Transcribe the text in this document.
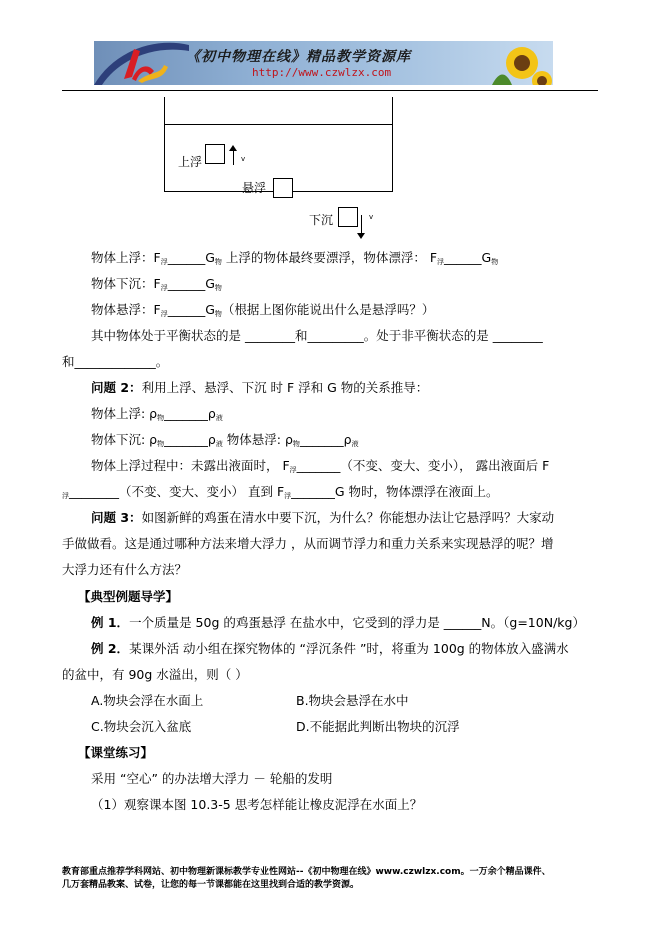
《初中物理在线》精品教学资源库
http://www.czwlzx.com
上浮	v
悬浮
下沉	v
物体上浮：$F_浮\_\_\_\_\_\_G_物$ 上浮的物体最终要漂浮，物体漂浮： $F_浮\_\_\_\_\_\_G_物$
物体下沉：$F_浮\_\_\_\_\_\_G_物$
物体悬浮：$F_浮\_\_\_\_\_\_G_物$（根据上图你能说出什么是悬浮吗？）
其中物体处于平衡状态的是 ________和_________。处于非平衡状态的是 ________
和_____________。
问题 2：利用上浮、悬浮、下沉 时 F 浮和 G 物的关系推导：
物体上浮: $\rho_物\_\_\_\_\_\_\_\rho_液$
物体下沉: $\rho_物\_\_\_\_\_\_\_\rho_液$ 物体悬浮: $\rho_物\_\_\_\_\_\_\_\rho_液$
物体上浮过程中：未露出液面时， $F_浮\_\_\_\_\_\_\_$（不变、变大、变小）， 露出液面后 F
$_浮$________（不变、变大、变小） 直到 $F_浮\_\_\_\_\_\_\_G$ 物时，物体漂浮在液面上。
问题 3：如图新鲜的鸡蛋在清水中要下沉，为什么？你能想办法让它悬浮吗？大家动
手做做看。这是通过哪种方法来增大浮力 ，从而调节浮力和重力关系来实现悬浮的呢？增
大浮力还有什么方法？
【典型例题导学】
例 1．一个质量是 50g 的鸡蛋悬浮 在盐水中，它受到的浮力是 ______N。（g=10N/kg）
例 2．某课外活 动小组在探究物体的 “浮沉条件 ”时，将重为 100g 的物体放入盛满水
的盆中，有 90g 水溢出，则（ ）
A.物块会浮在水面上	B.物块会悬浮在水中
C.物块会沉入盆底	D.不能据此判断出物块的沉浮
【课堂练习】
采用 “空心” 的办法增大浮力 － 轮船的发明
（1）观察课本图 10.3-5 思考怎样能让橡皮泥浮在水面上？
教育部重点推荐学科网站、初中物理新课标教学专业性网站--《初中物理在线》www.czwlzx.com。一万余个精品课件、
几万套精品教案、试卷，让您的每一节课都能在这里找到合适的教学资源。
